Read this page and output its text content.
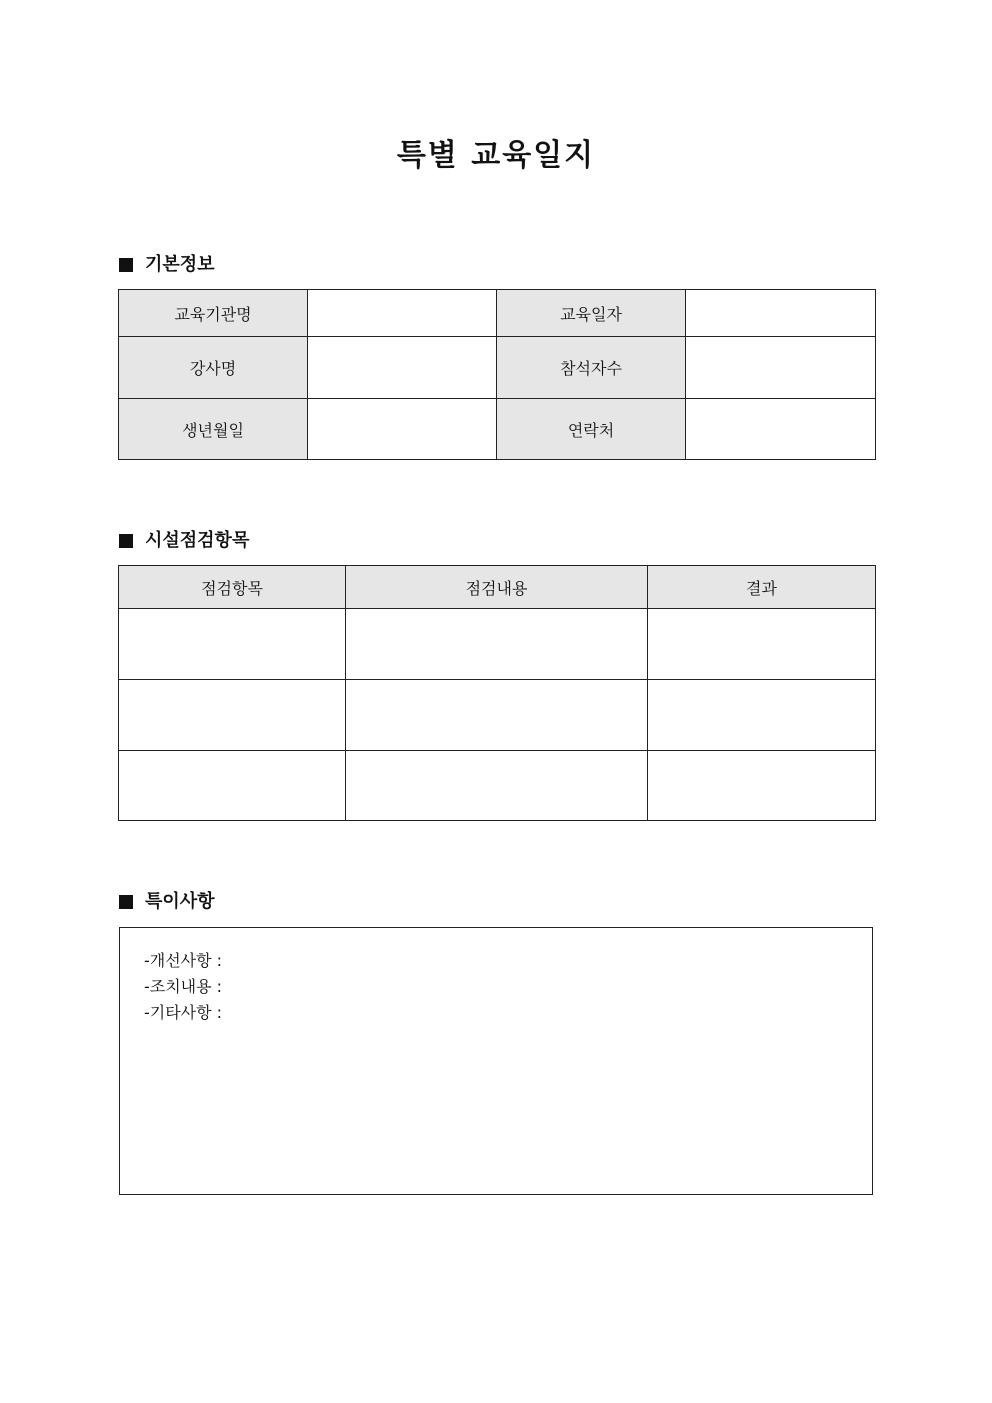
특별 교육일지
기본정보
교육기관명		교육일자	
강사명		참석자수	
생년월일		연락처	
시설점검항목
점검항목	점검내용	결과

특이사항

-개선사항 :

-조치내용 :

-기타사항 :
